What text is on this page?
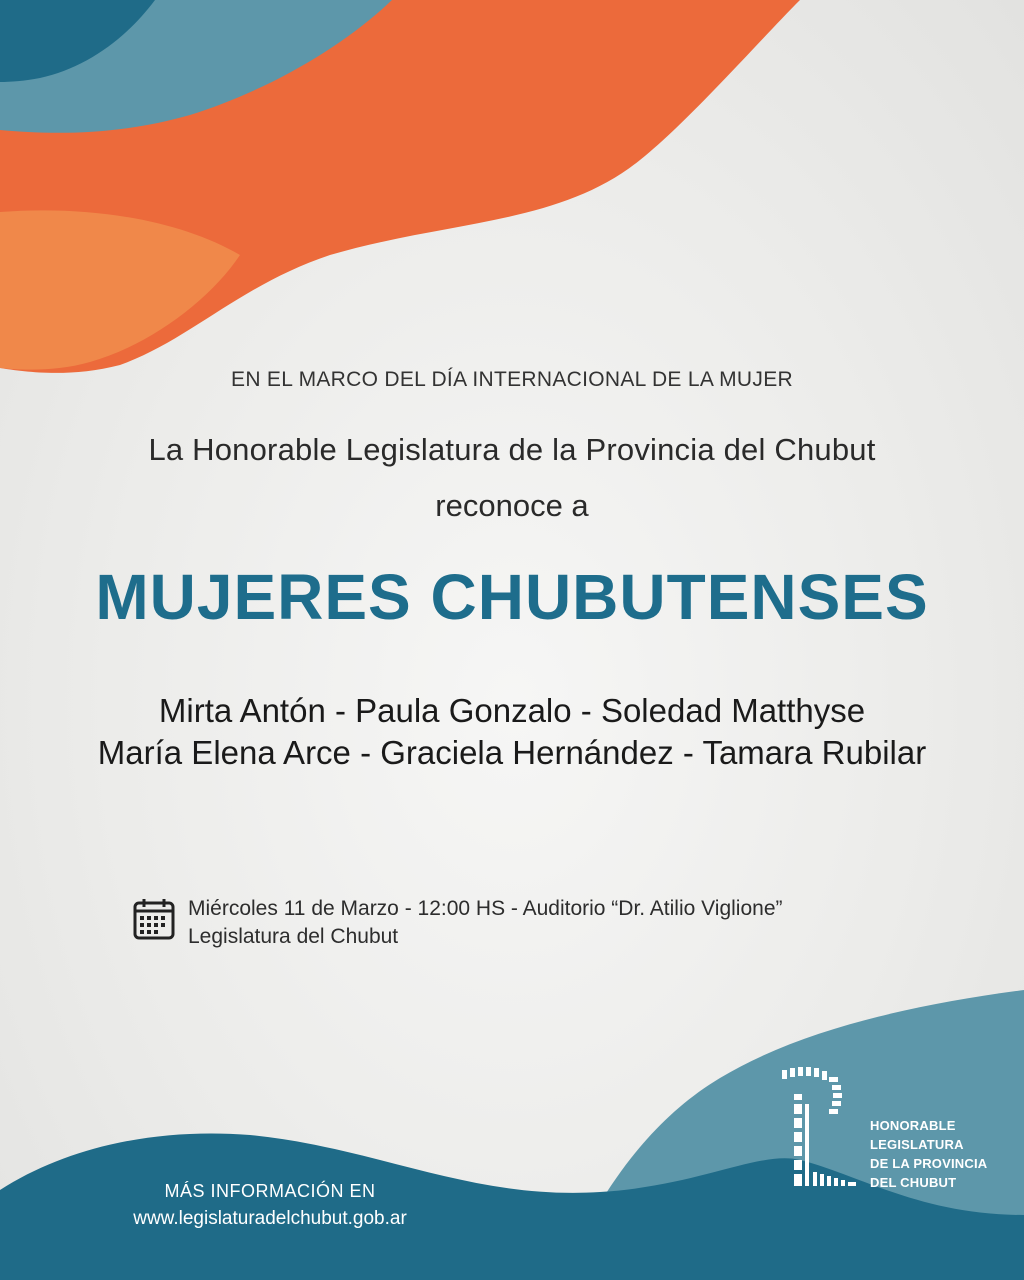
EN EL MARCO DEL DÍA INTERNACIONAL DE LA MUJER
La Honorable Legislatura de la Provincia del Chubut
reconoce a
MUJERES CHUBUTENSES
Mirta Antón - Paula Gonzalo - Soledad Matthyse
María Elena Arce - Graciela Hernández - Tamara Rubilar
Miércoles 11 de Marzo - 12:00 HS - Auditorio “Dr. Atilio Viglione”
Legislatura del Chubut
MÁS INFORMACIÓN EN
www.legislaturadelchubut.gob.ar
HONORABLE
LEGISLATURA
DE LA PROVINCIA
DEL CHUBUT
